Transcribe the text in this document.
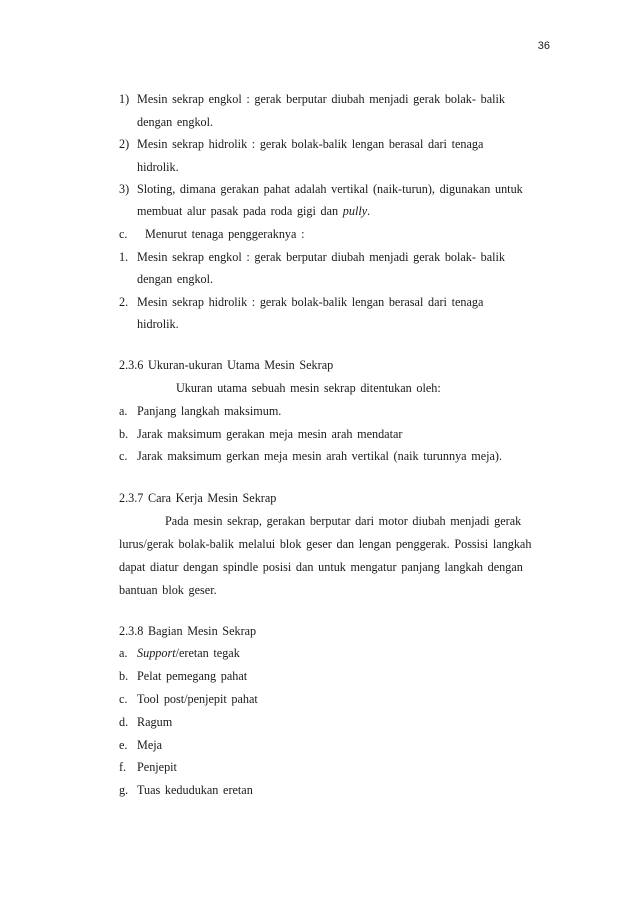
36
1) Mesin sekrap engkol : gerak berputar diubah menjadi gerak bolak- balik
dengan engkol.
2) Mesin sekrap hidrolik : gerak bolak-balik lengan berasal dari tenaga
hidrolik.
3) Sloting, dimana gerakan pahat adalah vertikal (naik-turun), digunakan untuk
membuat alur pasak pada roda gigi dan pully.
c. Menurut tenaga penggeraknya :
1. Mesin sekrap engkol : gerak berputar diubah menjadi gerak bolak- balik
dengan engkol.
2. Mesin sekrap hidrolik : gerak bolak-balik lengan berasal dari tenaga
hidrolik.
2.3.6 Ukuran-ukuran Utama Mesin Sekrap
Ukuran utama sebuah mesin sekrap ditentukan oleh:
a. Panjang langkah maksimum.
b. Jarak maksimum gerakan meja mesin arah mendatar
c. Jarak maksimum gerkan meja mesin arah vertikal (naik turunnya meja).
2.3.7 Cara Kerja Mesin Sekrap
Pada mesin sekrap, gerakan berputar dari motor diubah menjadi gerak
lurus/gerak bolak-balik melalui blok geser dan lengan penggerak. Possisi langkah
dapat diatur dengan spindle posisi dan untuk mengatur panjang langkah dengan
bantuan blok geser.
2.3.8 Bagian Mesin Sekrap
a. Support/eretan tegak
b. Pelat pemegang pahat
c. Tool post/penjepit pahat
d. Ragum
e. Meja
f. Penjepit
g. Tuas kedudukan eretan
